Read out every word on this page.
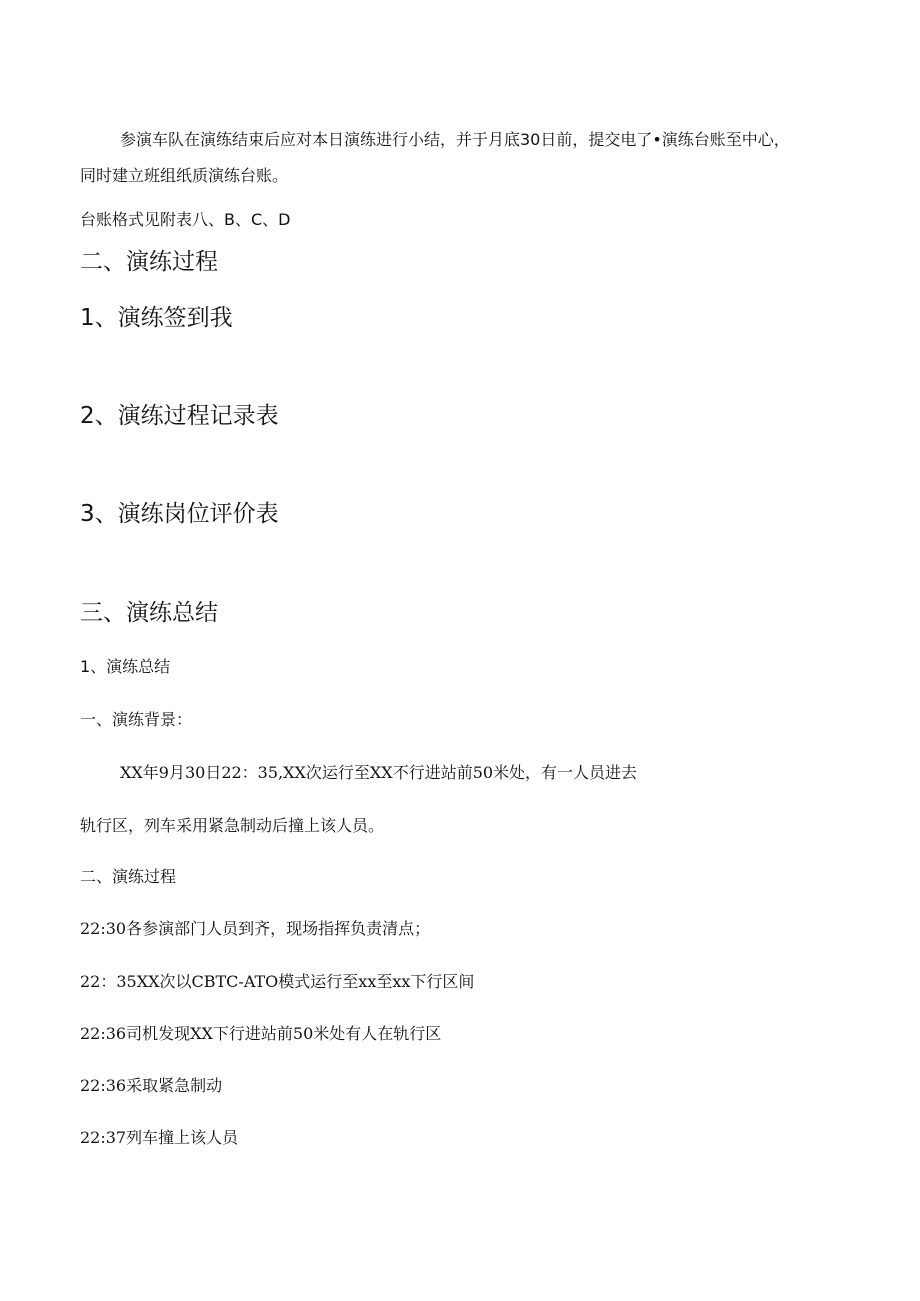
参演车队在演练结束后应对本日演练进行小结，并于月底30日前，提交电了•演练台账至中心，

同时建立班组纸质演练台账。

台账格式见附表八、B、C、D

二、演练过程

1、演练签到我

2、演练过程记录表

3、演练岗位评价表

三、演练总结

1、演练总结

一、演练背景：

XX年9月30日22：35,XX次运行至XX不行进站前50米处，有一人员进去

轨行区，列车采用紧急制动后撞上该人员。

二、演练过程

22:30各参演部门人员到齐，现场指挥负责清点；

22：35XX次以CBTC-ATO模式运行至xx至xx下行区间

22:36司机发现XX下行进站前50米处有人在轨行区

22:36采取紧急制动

22:37列车撞上该人员
